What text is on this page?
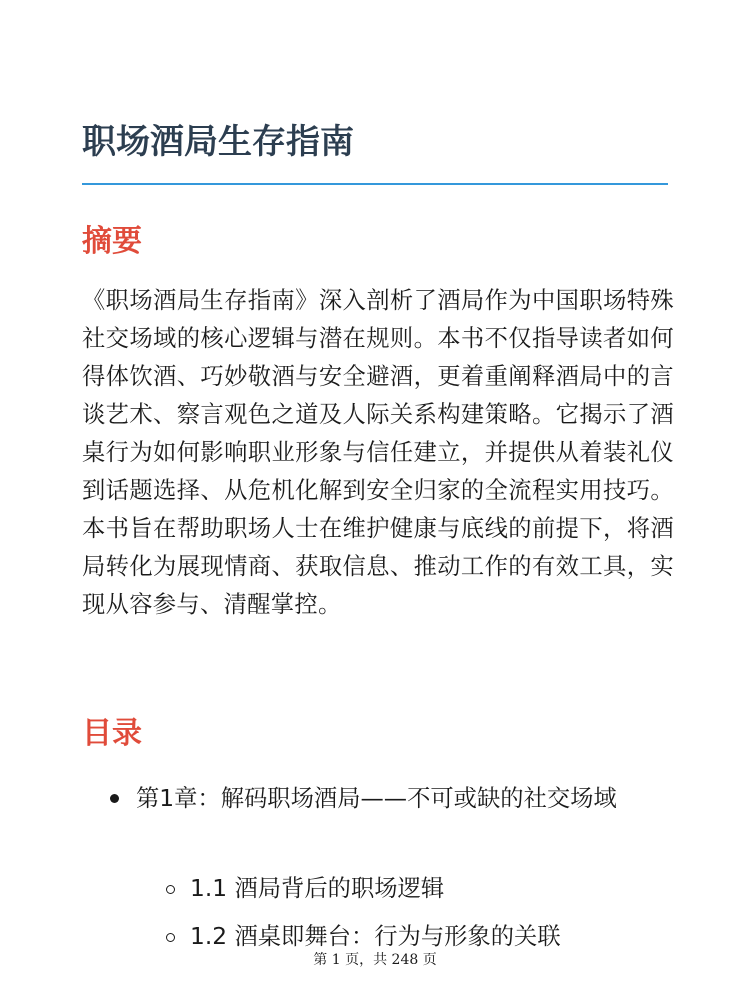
职场酒局生存指南
摘要

《职场酒局生存指南》深入剖析了酒局作为中国职场特殊社交场域的核心逻辑与潜在规则。本书不仅指导读者如何得体饮酒、巧妙敬酒与安全避酒，更着重阐释酒局中的言谈艺术、察言观色之道及人际关系构建策略。它揭示了酒桌行为如何影响职业形象与信任建立，并提供从着装礼仪到话题选择、从危机化解到安全归家的全流程实用技巧。本书旨在帮助职场人士在维护健康与底线的前提下，将酒局转化为展现情商、获取信息、推动工作的有效工具，实现从容参与、清醒掌控。

目录
第1章：解码职场酒局——不可或缺的社交场域
1.1 酒局背后的职场逻辑
1.2 酒桌即舞台：行为与形象的关联
第 1 页，共 248 页
